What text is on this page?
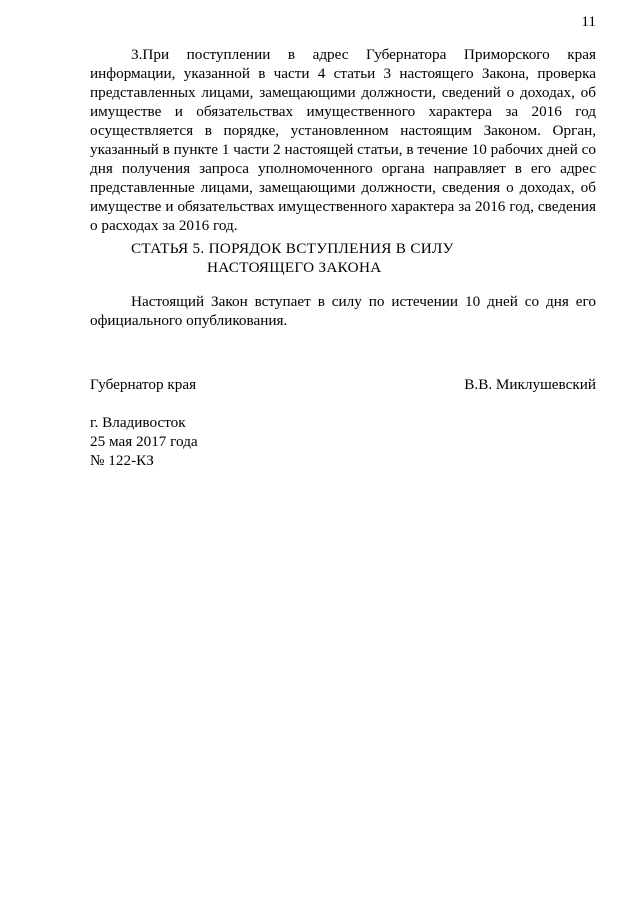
11

3.При поступлении в адрес Губернатора Приморского края информации, указанной в части 4 статьи 3 настоящего Закона, проверка представленных лицами, замещающими должности, сведений о доходах, об имуществе и обязательствах имущественного характера за 2016 год осуществляется в порядке, установленном настоящим Законом. Орган, указанный в пункте 1 части 2 настоящей статьи, в течение 10 рабочих дней со дня получения запроса уполномоченного органа направляет в его адрес представленные лицами, замещающими должности, сведения о доходах, об имуществе и обязательствах имущественного характера за 2016 год, сведения о расходах за 2016 год.

СТАТЬЯ 5. ПОРЯДОК ВСТУПЛЕНИЯ В СИЛУ
НАСТОЯЩЕГО ЗАКОНА

Настоящий Закон вступает в силу по истечении 10 дней со дня его официального опубликования.

Губернатор края	В.В. Миклушевский
г. Владивосток
25 мая 2017 года
№ 122-КЗ
